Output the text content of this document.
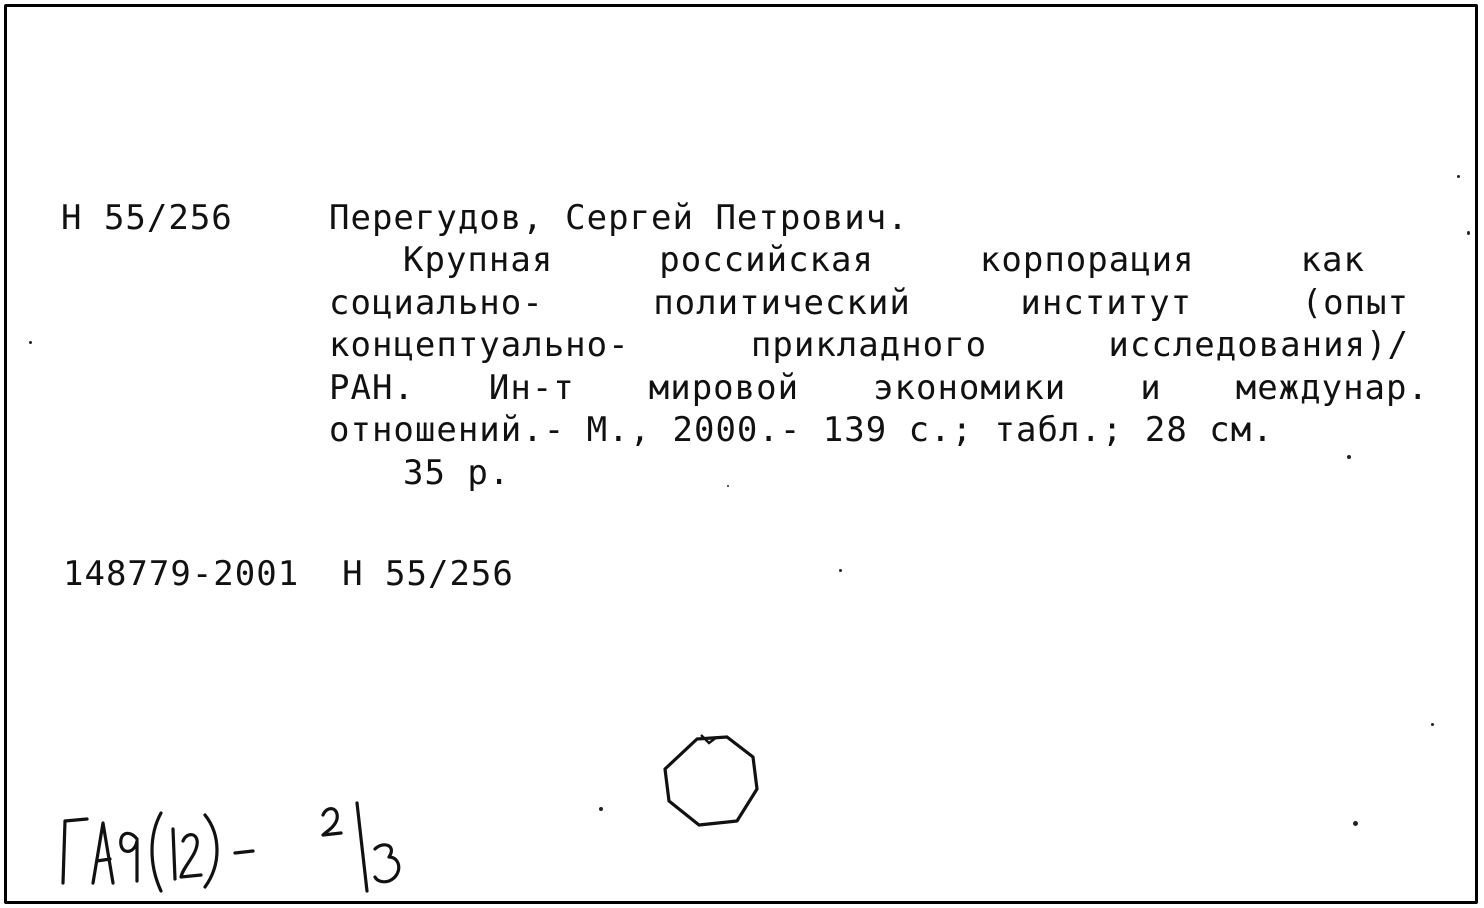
Н 55/256	Перегудов, Сергей Петрович.
Крупная	российская	корпорация	как
социально-	политический	институт	(опыт
концептуально-	прикладного	исследования)/
РАН. Ин-т мировой экономики и междунар.
отношений.- М., 2000.- 139 с.; табл.; 28 см.
35 р.
148779-2001  Н 55/256
